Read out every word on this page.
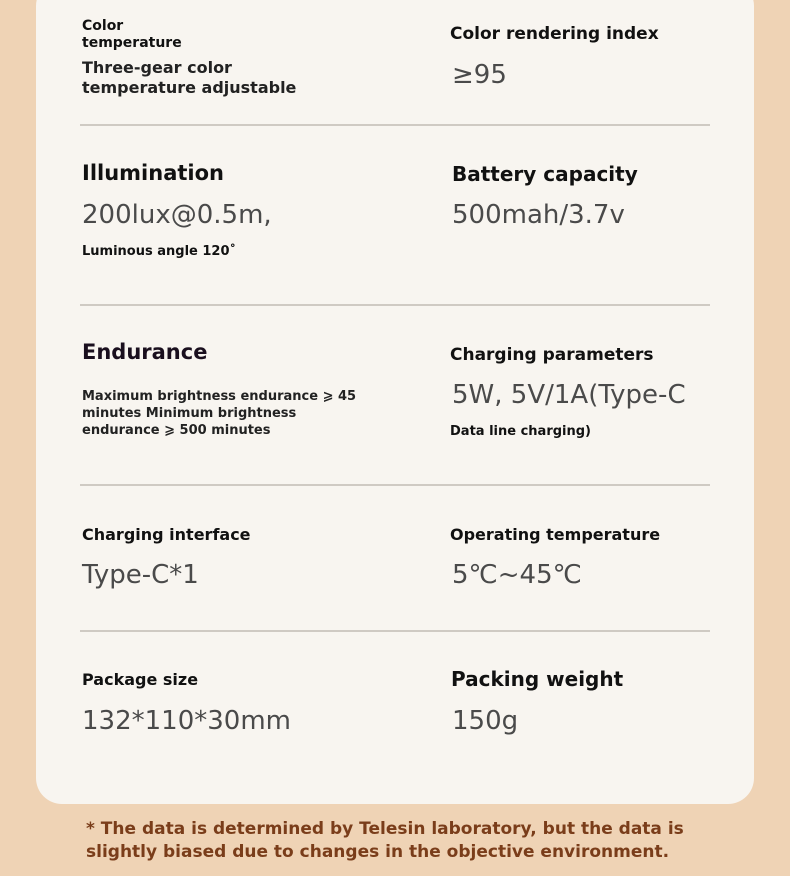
Color
temperature
Three-gear color
temperature adjustable
Color rendering index
≥95
Illumination
200lux@0.5m,
Luminous angle 120˚
Battery capacity
500mah/3.7v
Endurance
Maximum brightness endurance ⩾ 45
minutes Minimum brightness
endurance ⩾ 500 minutes
Charging parameters
5W, 5V/1A(Type-C
Data line charging)
Charging interface
Type-C*1
Operating temperature
5℃~45℃
Package size
132*110*30mm
Packing weight
150g
* The data is determined by Telesin laboratory, but the data is slightly biased due to changes in the objective environment.
